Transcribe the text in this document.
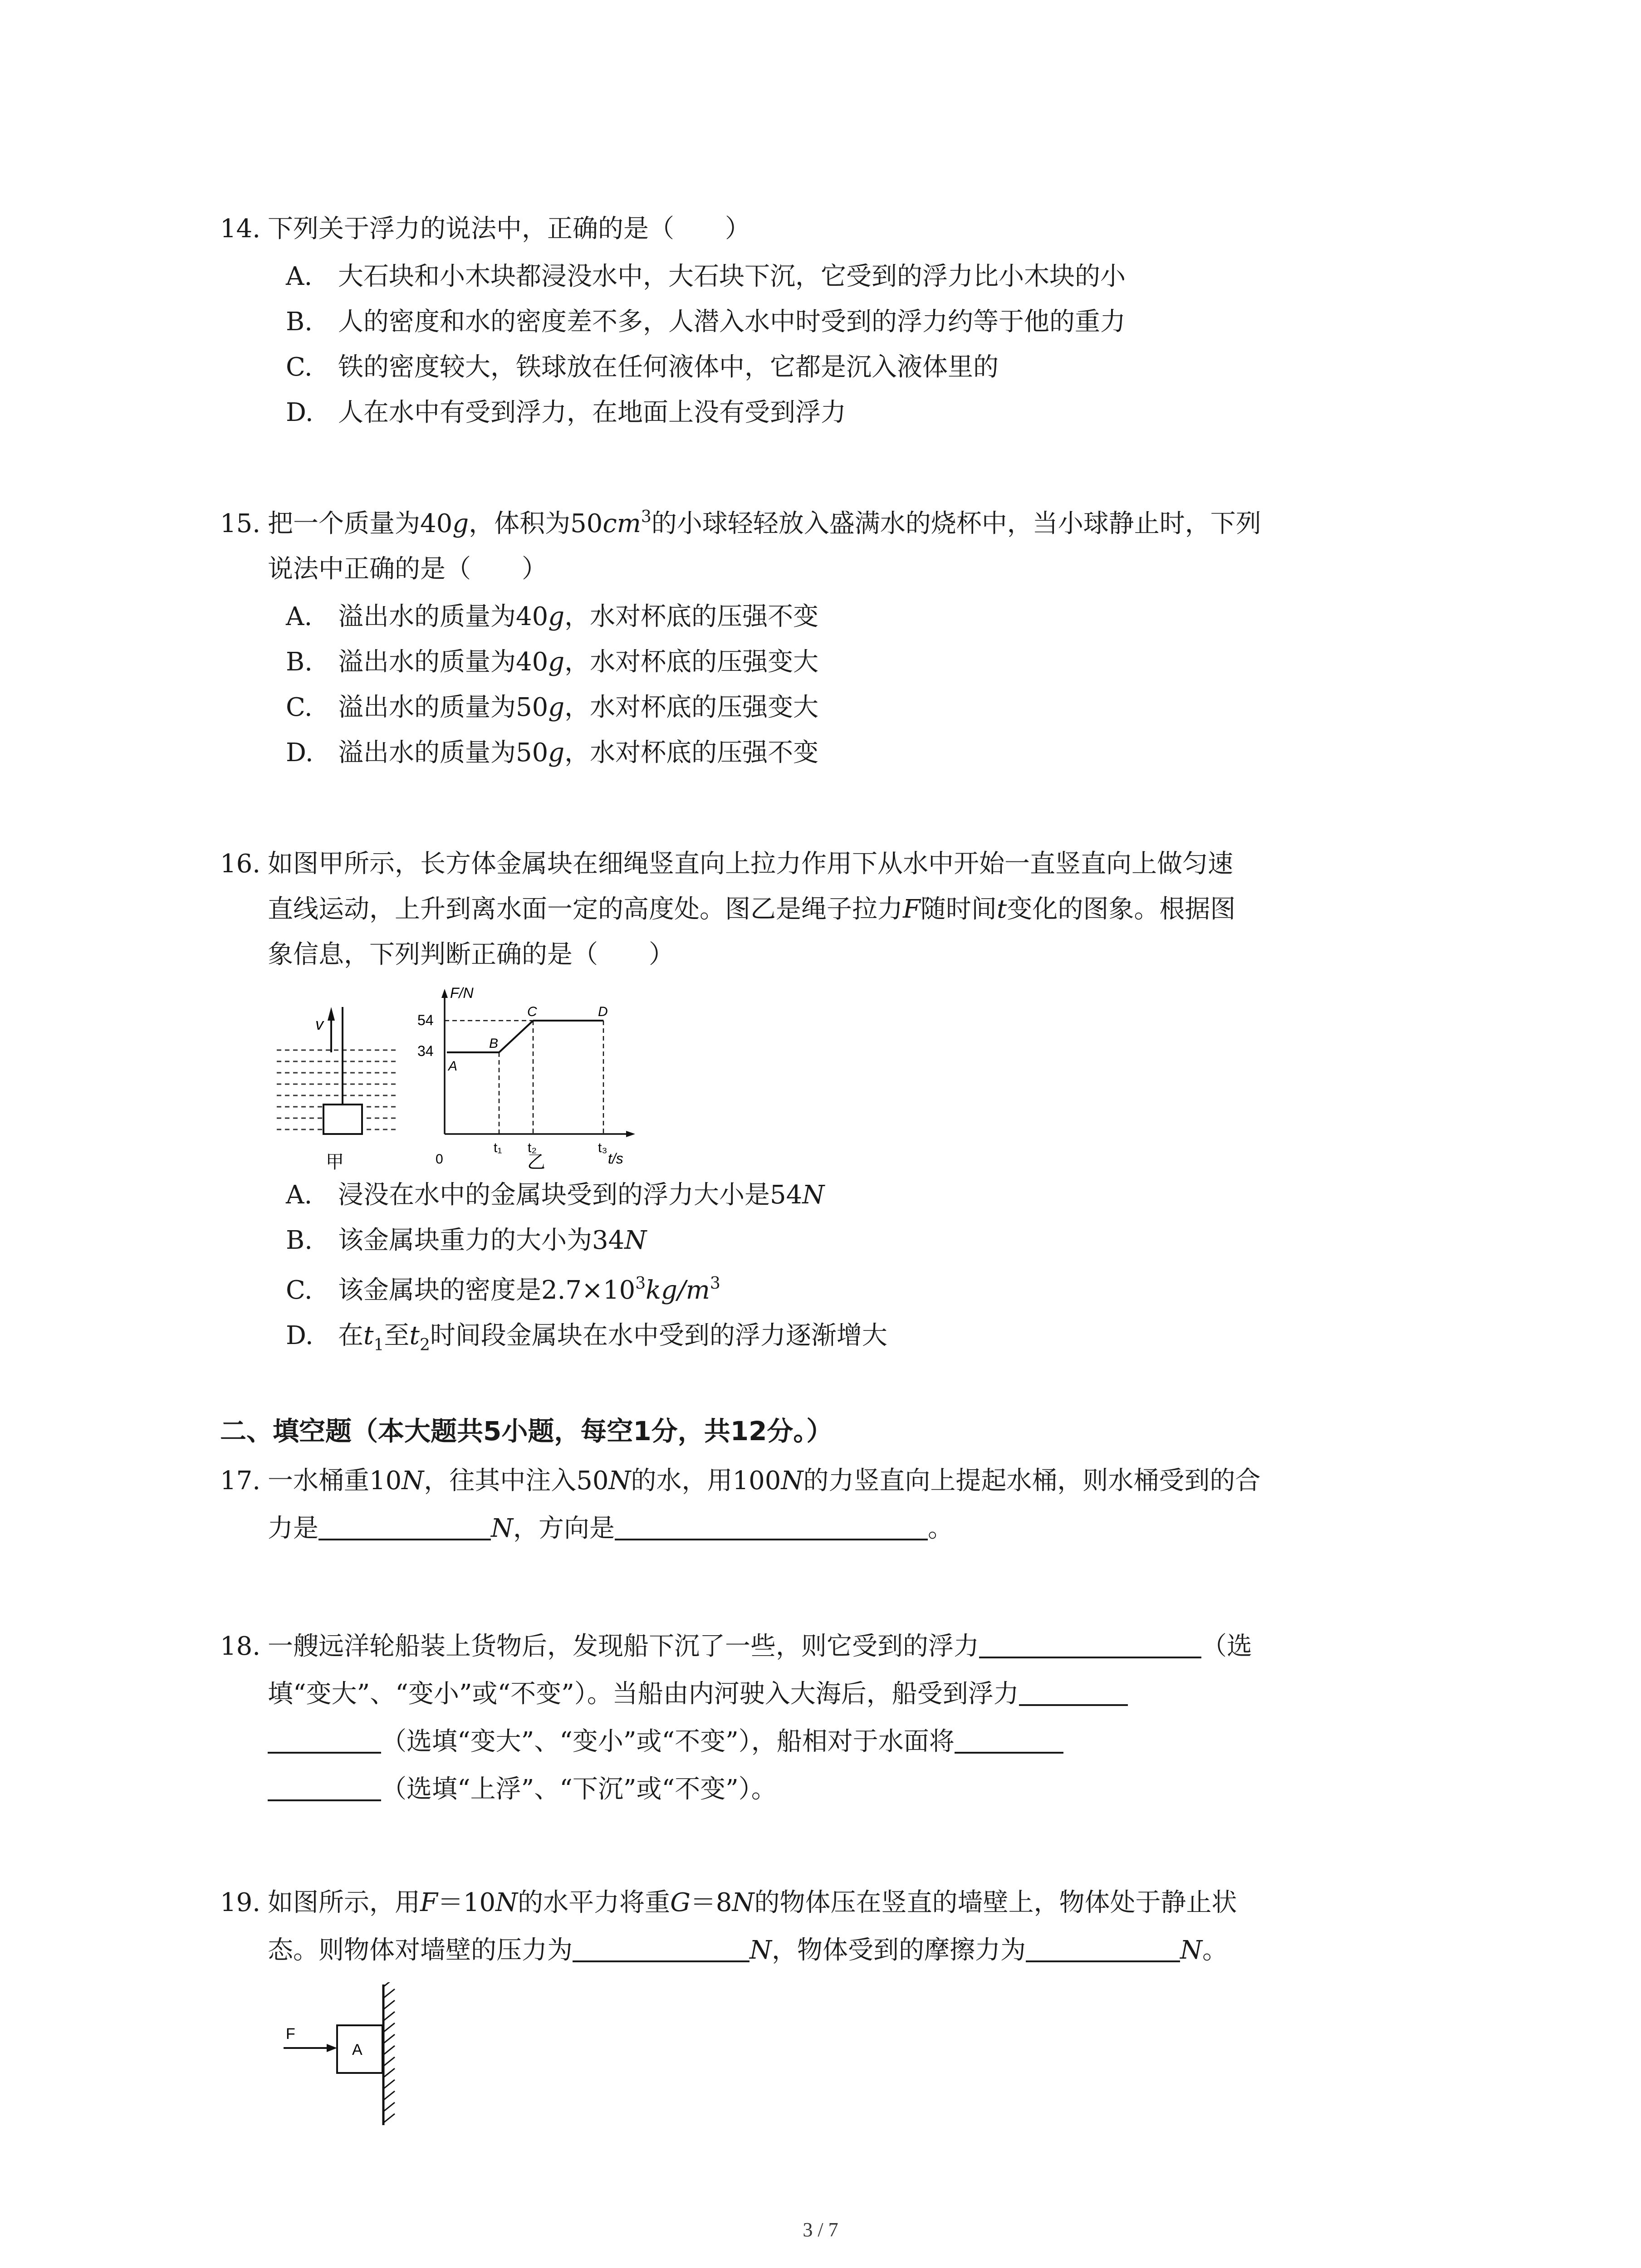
14. 下列关于浮力的说法中，正确的是（　　）
A. 大石块和小木块都浸没水中，大石块下沉，它受到的浮力比小木块的小
B. 人的密度和水的密度差不多，人潜入水中时受到的浮力约等于他的重力
C. 铁的密度较大，铁球放在任何液体中，它都是沉入液体里的
D. 人在水中有受到浮力，在地面上没有受到浮力
15. 把一个质量为40g，体积为$50cm^3$的小球轻轻放入盛满水的烧杯中，当小球静止时，下列
说法中正确的是（　　）
A. 溢出水的质量为40g，水对杯底的压强不变
B. 溢出水的质量为40g，水对杯底的压强变大
C. 溢出水的质量为50g，水对杯底的压强变大
D. 溢出水的质量为50g，水对杯底的压强不变
16. 如图甲所示，长方体金属块在细绳竖直向上拉力作用下从水中开始一直竖直向上做匀速
直线运动，上升到离水面一定的高度处。图乙是绳子拉力F随时间t变化的图象。根据图
象信息，下列判断正确的是（　　）
v
甲
F/N
t/s
0
54
34
A
B
C	D
t₁ t₂	t₃
乙
A. 浸没在水中的金属块受到的浮力大小是54N
B. 该金属块重力的大小为34N
C. 该金属块的密度是$2.7\times 10^3kg/m^3$
D. 在$t_1$至$t_2$时间段金属块在水中受到的浮力逐渐增大
二、填空题（本大题共5小题，每空1分，共12分。）
17. 一水桶重10N，往其中注入50N的水，用100N的力竖直向上提起水桶，则水桶受到的合
力是	N，方向是	。
18. 一艘远洋轮船装上货物后，发现船下沉了一些，则它受到的浮力	（选
填“变大”、“变小”或“不变”）。当船由内河驶入大海后，船受到浮力
（选填“变大”、“变小”或“不变”），船相对于水面将
（选填“上浮”、“下沉”或“不变”）。
19. 如图所示，用F＝10N的水平力将重G＝8N的物体压在竖直的墙壁上，物体处于静止状
态。则物体对墙壁的压力为	N，物体受到的摩擦力为	N。
F
A
3 / 7
